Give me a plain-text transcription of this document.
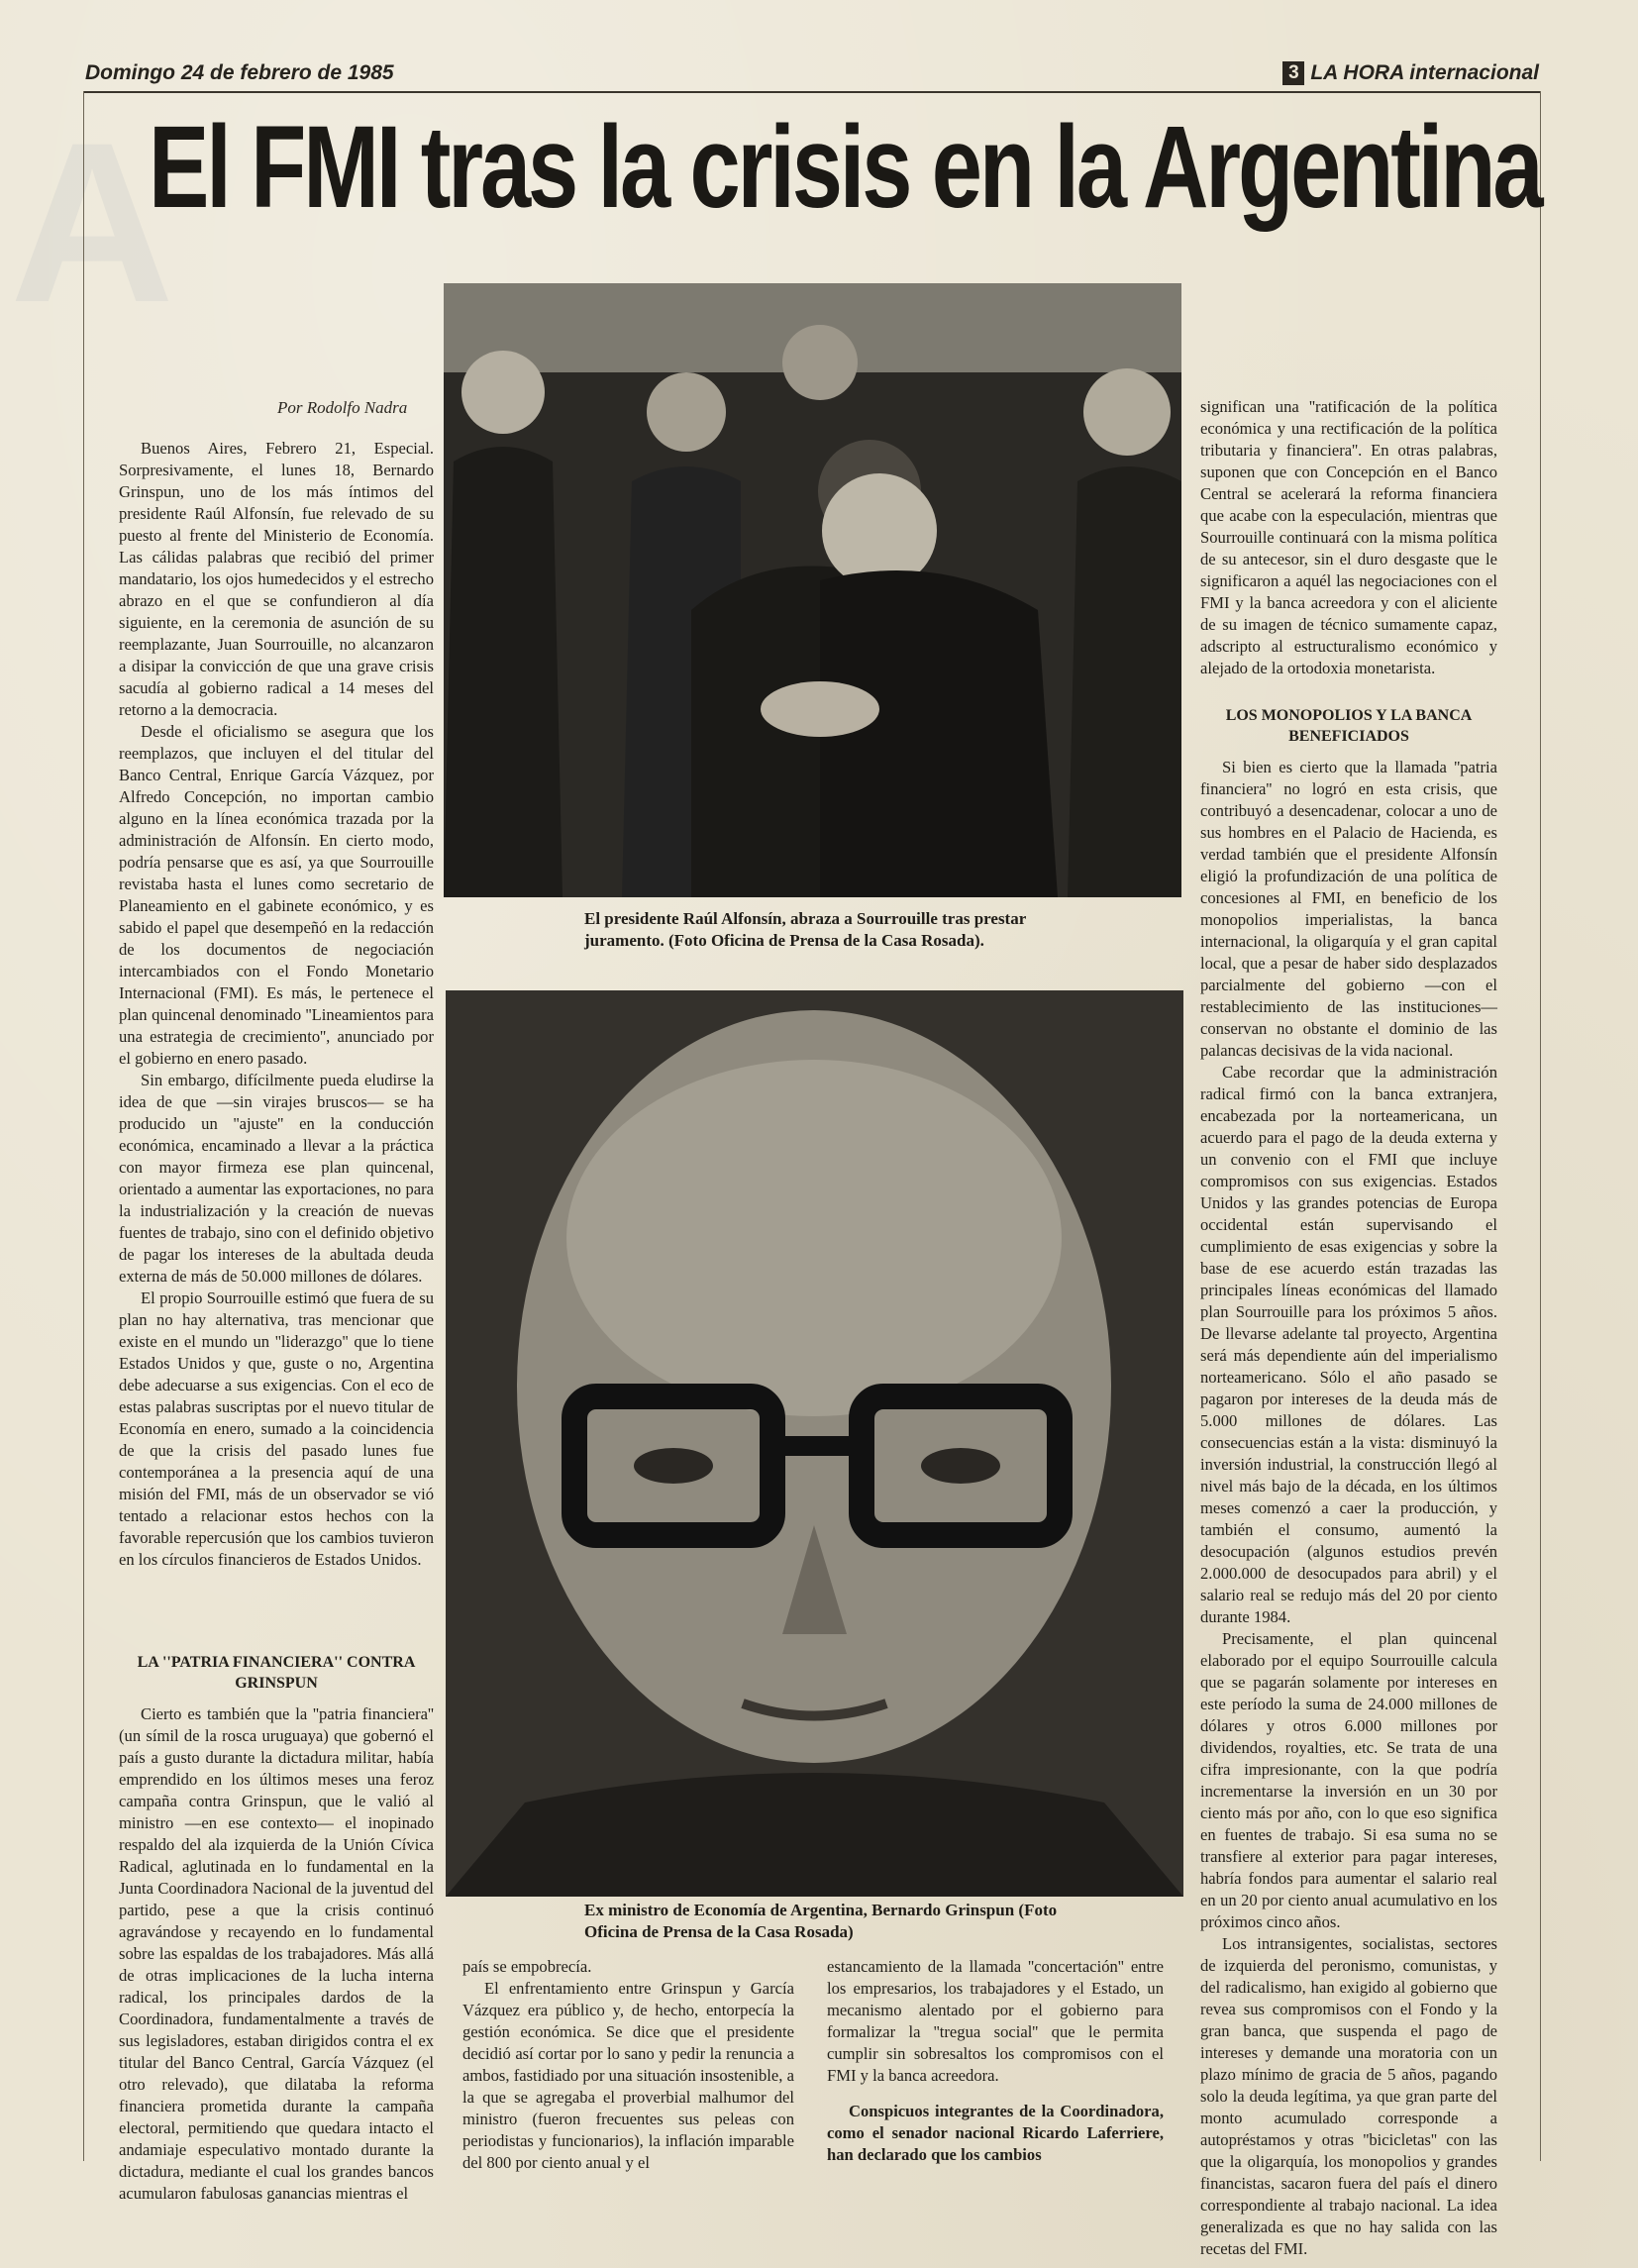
A
Domingo 24 de febrero de 1985	3 LA HORA internacional
El FMI tras la crisis en la Argentina
Por Rodolfo Nadra

Buenos Aires, Febrero 21, Especial. Sorpresivamente, el lunes 18, Bernardo Grinspun, uno de los más íntimos del presidente Raúl Alfonsín, fue relevado de su puesto al frente del Ministerio de Economía. Las cálidas palabras que recibió del primer mandatario, los ojos humedecidos y el estrecho abrazo en el que se confundieron al día siguiente, en la ceremonia de asunción de su reemplazante, Juan Sourrouille, no alcanzaron a disipar la convicción de que una grave crisis sacudía al gobierno radical a 14 meses del retorno a la democracia.

Desde el oficialismo se asegura que los reemplazos, que incluyen el del titular del Banco Central, Enrique García Vázquez, por Alfredo Concepción, no importan cambio alguno en la línea económica trazada por la administración de Alfonsín. En cierto modo, podría pensarse que es así, ya que Sourrouille revistaba hasta el lunes como secretario de Planeamiento en el gabinete económico, y es sabido el papel que desempeñó en la redacción de los documentos de negociación intercambiados con el Fondo Monetario Internacional (FMI). Es más, le pertenece el plan quincenal denominado ''Lineamientos para una estrategia de crecimiento'', anunciado por el gobierno en enero pasado.

Sin embargo, difícilmente pueda eludirse la idea de que —sin virajes bruscos— se ha producido un ''ajuste'' en la conducción económica, encaminado a llevar a la práctica con mayor firmeza ese plan quincenal, orientado a aumentar las exportaciones, no para la industrialización y la creación de nuevas fuentes de trabajo, sino con el definido objetivo de pagar los intereses de la abultada deuda externa de más de 50.000 millones de dólares.

El propio Sourrouille estimó que fuera de su plan no hay alternativa, tras mencionar que existe en el mundo un ''liderazgo'' que lo tiene Estados Unidos y que, guste o no, Argentina debe adecuarse a sus exigencias. Con el eco de estas palabras suscriptas por el nuevo titular de Economía en enero, sumado a la coincidencia de que la crisis del pasado lunes fue contemporánea a la presencia aquí de una misión del FMI, más de un observador se vió tentado a relacionar estos hechos con la favorable repercusión que los cambios tuvieron en los círculos financieros de Estados Unidos.

LA ''PATRIA FINANCIERA'' CONTRA GRINSPUN

Cierto es también que la ''patria financiera'' (un símil de la rosca uruguaya) que gobernó el país a gusto durante la dictadura militar, había emprendido en los últimos meses una feroz campaña contra Grinspun, que le valió al ministro —en ese contexto— el inopinado respaldo del ala izquierda de la Unión Cívica Radical, aglutinada en lo fundamental en la Junta Coordinadora Nacional de la juventud del partido, pese a que la crisis continuó agravándose y recayendo en lo fundamental sobre las espaldas de los trabajadores. Más allá de otras implicaciones de la lucha interna radical, los principales dardos de la Coordinadora, fundamentalmente a través de sus legisladores, estaban dirigidos contra el ex titular del Banco Central, García Vázquez (el otro relevado), que dilataba la reforma financiera prometida durante la campaña electoral, permitiendo que quedara intacto el andamiaje especulativo montado durante la dictadura, mediante el cual los grandes bancos acumularon fabulosas ganancias mientras el

El presidente Raúl Alfonsín, abraza a Sourrouille tras prestar juramento. (Foto Oficina de Prensa de la Casa Rosada).
Ex ministro de Economía de Argentina, Bernardo Grinspun (Foto Oficina de Prensa de la Casa Rosada)

país se empobrecía.

El enfrentamiento entre Grinspun y García Vázquez era público y, de hecho, entorpecía la gestión económica. Se dice que el presidente decidió así cortar por lo sano y pedir la renuncia a ambos, fastidiado por una situación insostenible, a la que se agregaba el proverbial malhumor del ministro (fueron frecuentes sus peleas con periodistas y funcionarios), la inflación imparable del 800 por ciento anual y el

estancamiento de la llamada ''concertación'' entre los empresarios, los trabajadores y el Estado, un mecanismo alentado por el gobierno para formalizar la ''tregua social'' que le permita cumplir sin sobresaltos los compromisos con el FMI y la banca acreedora.

Conspicuos integrantes de la Coordinadora, como el senador nacional Ricardo Laferriere, han declarado que los cambios

significan una ''ratificación de la política económica y una rectificación de la política tributaria y financiera''. En otras palabras, suponen que con Concepción en el Banco Central se acelerará la reforma financiera que acabe con la especulación, mientras que Sourrouille continuará con la misma política de su antecesor, sin el duro desgaste que le significaron a aquél las negociaciones con el FMI y la banca acreedora y con el aliciente de su imagen de técnico sumamente capaz, adscripto al estructuralismo económico y alejado de la ortodoxia monetarista.

LOS MONOPOLIOS Y LA BANCA BENEFICIADOS

Si bien es cierto que la llamada ''patria financiera'' no logró en esta crisis, que contribuyó a desencadenar, colocar a uno de sus hombres en el Palacio de Hacienda, es verdad también que el presidente Alfonsín eligió la profundización de una política de concesiones al FMI, en beneficio de los monopolios imperialistas, la banca internacional, la oligarquía y el gran capital local, que a pesar de haber sido desplazados parcialmente del gobierno —con el restablecimiento de las instituciones— conservan no obstante el dominio de las palancas decisivas de la vida nacional.

Cabe recordar que la administración radical firmó con la banca extranjera, encabezada por la norteamericana, un acuerdo para el pago de la deuda externa y un convenio con el FMI que incluye compromisos con sus exigencias. Estados Unidos y las grandes potencias de Europa occidental están supervisando el cumplimiento de esas exigencias y sobre la base de ese acuerdo están trazadas las principales líneas económicas del llamado plan Sourrouille para los próximos 5 años. De llevarse adelante tal proyecto, Argentina será más dependiente aún del imperialismo norteamericano. Sólo el año pasado se pagaron por intereses de la deuda más de 5.000 millones de dólares. Las consecuencias están a la vista: disminuyó la inversión industrial, la construcción llegó al nivel más bajo de la década, en los últimos meses comenzó a caer la producción, y también el consumo, aumentó la desocupación (algunos estudios prevén 2.000.000 de desocupados para abril) y el salario real se redujo más del 20 por ciento durante 1984.

Precisamente, el plan quincenal elaborado por el equipo Sourrouille calcula que se pagarán solamente por intereses en este período la suma de 24.000 millones de dólares y otros 6.000 millones por dividendos, royalties, etc. Se trata de una cifra impresionante, con la que podría incrementarse la inversión en un 30 por ciento más por año, con lo que eso significa en fuentes de trabajo. Si esa suma no se transfiere al exterior para pagar intereses, habría fondos para aumentar el salario real en un 20 por ciento anual acumulativo en los próximos cinco años.

Los intransigentes, socialistas, sectores de izquierda del peronismo, comunistas, y del radicalismo, han exigido al gobierno que revea sus compromisos con el Fondo y la gran banca, que suspenda el pago de intereses y demande una moratoria con un plazo mínimo de gracia de 5 años, pagando solo la deuda legítima, ya que gran parte del monto acumulado corresponde a autopréstamos y otras ''bicicletas'' con las que la oligarquía, los monopolios y grandes financistas, sacaron fuera del país el dinero correspondiente al trabajo nacional. La idea generalizada es que no hay salida con las recetas del FMI.
